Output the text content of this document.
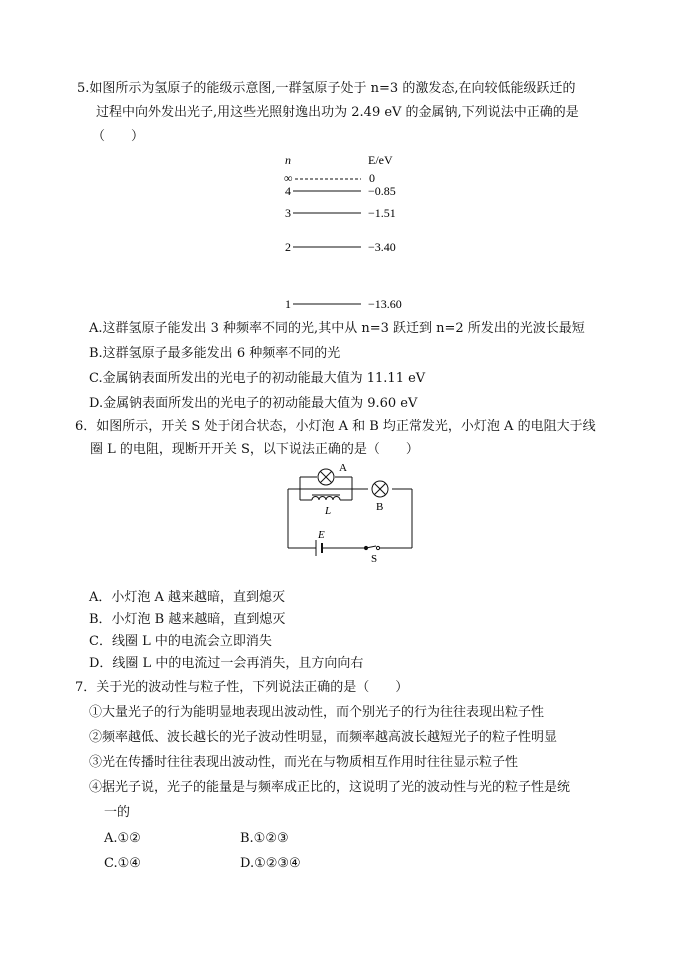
5.如图所示为氢原子的能级示意图,一群氢原子处于 n=3 的激发态,在向较低能级跃迁的
过程中向外发出光子,用这些光照射逸出功为 2.49 eV 的金属钠,下列说法中正确的是
（　　）
n	E/eV
∞	0
4	−0.85
3	−1.51
2	−3.40
1	−13.60
A
B
L
E
S
A.这群氢原子能发出 3 种频率不同的光,其中从 n=3 跃迁到 n=2 所发出的光波长最短
B.这群氢原子最多能发出 6 种频率不同的光
C.金属钠表面所发出的光电子的初动能最大值为 11.11 eV
D.金属钠表面所发出的光电子的初动能最大值为 9.60 eV
6．如图所示，开关 S 处于闭合状态，小灯泡 A 和 B 均正常发光，小灯泡 A 的电阻大于线
圈 L 的电阻，现断开开关 S，以下说法正确的是（　　）
A．小灯泡 A 越来越暗，直到熄灭
B．小灯泡 B 越来越暗，直到熄灭
C．线圈 L 中的电流会立即消失
D．线圈 L 中的电流过一会再消失，且方向向右
7．关于光的波动性与粒子性，下列说法正确的是（　　）
①大量光子的行为能明显地表现出波动性，而个别光子的行为往往表现出粒子性
②频率越低、波长越长的光子波动性明显，而频率越高波长越短光子的粒子性明显
③光在传播时往往表现出波动性，而光在与物质相互作用时往往显示粒子性
④据光子说，光子的能量是与频率成正比的，这说明了光的波动性与光的粒子性是统
一的
A.①②	B.①②③
C.①④	D.①②③④
